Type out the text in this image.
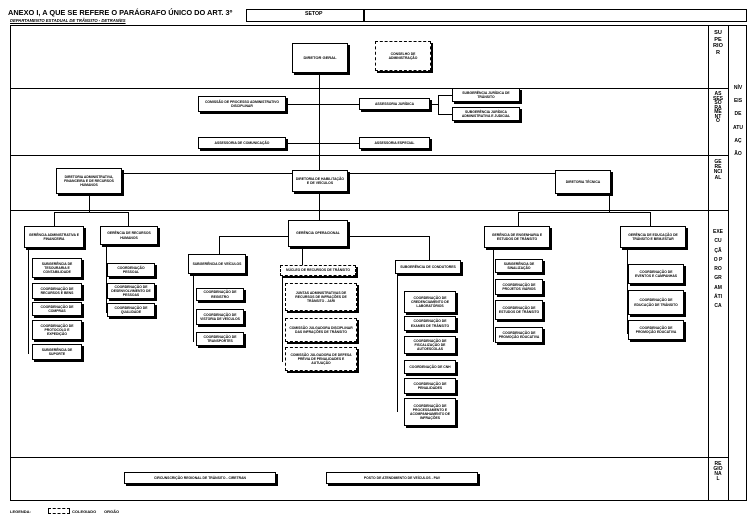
ANEXO I, A QUE SE REFERE O PARÁGRAFO ÚNICO DO ART. 3º	SETOP
DEPARTAMENTO ESTADUAL DE TRÂNSITO - DETRAN/ES
SUPERIOR
ASSESSORAMENTO
GERENCIAL
EXECUÇÃO PROGRAMÁTICA
REGIONAL
NÍVEIS DE ATUAÇÃO
DIRETOR GERAL
CONSELHO DE ADMINISTRAÇÃO
COMISSÃO DE PROCESSO ADMINISTRATIVO DISCIPLINAR
ASSESSORIA JURÍDICA
SUBGERÊNCIA JURÍDICA DE TRÂNSITO
SUBGERÊNCIA JURÍDICA ADMINISTRATIVA E JUDICIAL
ASSESSORIA DE COMUNICAÇÃO	ASSESSORIA ESPECIAL
DIRETORIA ADMINISTRATIVA, FINANCEIRA E DE RECURSOS HUMANOS
DIRETORIA DE HABILITAÇÃO E DE VEÍCULOS	DIRETORIA TÉCNICA
GERÊNCIA ADMINISTRATIVA E FINANCEIRA
GERÊNCIA DE RECURSOS HUMANOS
SUBGERÊNCIA DE TESOURARIA E CONTABILIDADE
COORDENAÇÃO DE RECURSOS E BENS
COORDENAÇÃO DE COMPRAS
COORDENAÇÃO DE PROTOCOLO E EXPEDIÇÃO
SUBGERÊNCIA DE SUPORTE
COORDENAÇÃO PESSOAL
COORDENAÇÃO DE DESENVOLVIMENTO DE PESSOAS
COORDENAÇÃO DE QUALIDADE
GERÊNCIA OPERACIONAL
SUBGERÊNCIA DE VEÍCULOS
COORDENAÇÃO DE REGISTRO
COORDENAÇÃO DE VISTORIA DE VEÍCULOS
COORDENAÇÃO DE TRANSPORTES
NÚCLEO DE RECURSOS DE TRÂNSITO
JUNTAS ADMINISTRATIVAS DE RECURSOS DE INFRAÇÕES DE TRÂNSITO - JARI
COMISSÃO JULGADORA DISCIPLINAR DAS INFRAÇÕES DE TRÂNSITO
COMISSÃO JULGADORA DE DEFESA PRÉVIA DE PENALIDADES E AUTUAÇÃO
SUBGERÊNCIA DE CONDUTORES
COORDENAÇÃO DE CREDENCIAMENTO DE LABORATÓRIOS
COORDENAÇÃO DE EXAMES DE TRÂNSITO
COORDENAÇÃO DE FISCALIZAÇÃO DE AUTOESCOLAS
COORDENAÇÃO DE CNH
COORDENAÇÃO DE PENALIDADES
COORDENAÇÃO DE PROCESSAMENTO E ACOMPANHAMENTO DE INFRAÇÕES
GERÊNCIA DE ENGENHARIA E ESTUDOS DE TRÂNSITO
GERÊNCIA DE EDUCAÇÃO DE TRÂNSITO E BEM-ESTAR
SUBGERÊNCIA DE SINALIZAÇÃO
COORDENAÇÃO DE PROJETOS VIÁRIOS
COORDENAÇÃO DE ESTUDOS DE TRÂNSITO
COORDENAÇÃO DE PROMOÇÃO EDUCATIVA
COORDENAÇÃO DE EVENTOS E CAMPANHAS
COORDENAÇÃO DE EDUCAÇÃO DE TRÂNSITO
COORDENAÇÃO DE PROMOÇÃO EDUCATIVA
CIRCUNSCRIÇÃO REGIONAL DE TRÂNSITO - CIRETRAN	POSTO DE ATENDIMENTO DE VEÍCULOS - PAV
LEGENDA:	COLEGIADO ORGÃO
